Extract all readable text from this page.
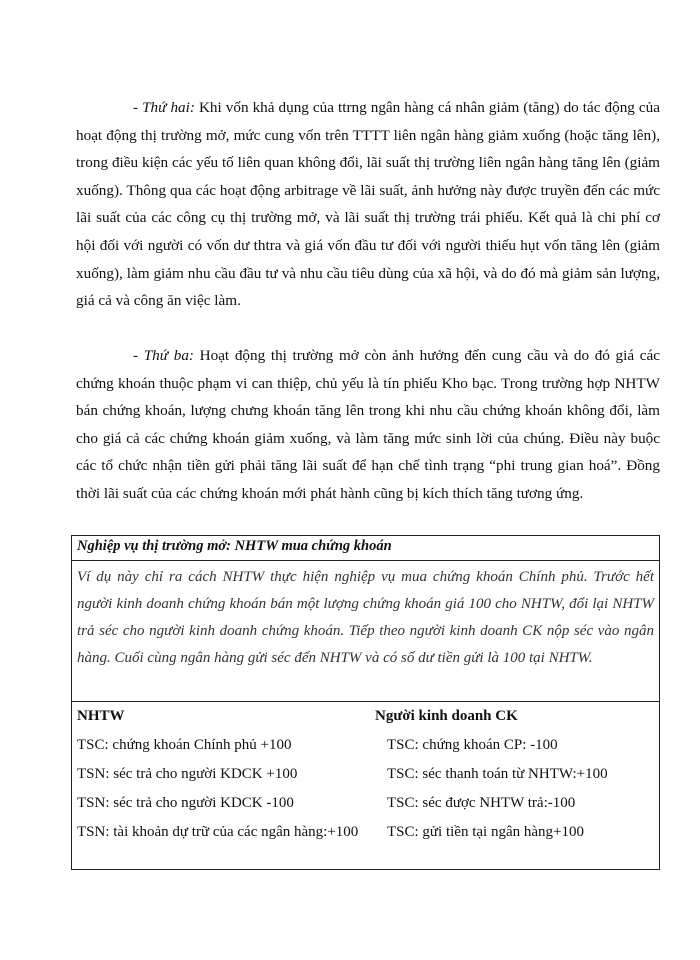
- Thứ hai: Khi vốn khả dụng của ttrng ngân hàng cá nhân giảm (tăng) do tác động của hoạt động thị trường mở, mức cung vốn trên TTTT liên ngân hàng giảm xuống (hoặc tăng lên), trong điều kiện các yếu tố liên quan không đổi, lãi suất thị trường liên ngân hàng tăng lên (giảm xuống). Thông qua các hoạt động arbitrage về lãi suất, ảnh hưởng này được truyền đến các mức lãi suất của các công cụ thị trường mở, và lãi suất thị trường trái phiếu. Kết quả là chi phí cơ hội đối với người có vốn dư thtra và giá vốn đầu tư đối với người thiếu hụt vốn tăng lên (giảm xuống), làm giảm nhu cầu đầu tư và nhu cầu tiêu dùng của xã hội, và do đó mà giảm sản lượng, giá cả và công ăn việc làm.

- Thứ ba: Hoạt động thị trường mở còn ảnh hưởng đến cung cầu và do đó giá các chứng khoán thuộc phạm vi can thiệp, chủ yếu là tín phiếu Kho bạc. Trong trường hợp NHTW bán chứng khoán, lượng chưng khoán tăng lên trong khi nhu cầu chứng khoán không đổi, làm cho giá cả các chứng khoán giảm xuống, và làm tăng mức sinh lời của chúng. Điều này buộc các tổ chức nhận tiền gửi phải tăng lãi suất để hạn chế tình trạng “phi trung gian hoá”. Đồng thời lãi suất của các chứng khoán mới phát hành cũng bị kích thích tăng tương ứng.

Nghiệp vụ thị trường mở: NHTW mua chứng khoán
Ví dụ này chỉ ra cách NHTW thực hiện nghiệp vụ mua chứng khoán Chính phủ. Trước hết người kinh doanh chứng khoán bán một lượng chứng khoán giá 100 cho NHTW, đổi lại NHTW trả séc cho người kinh doanh chứng khoán. Tiếp theo người kinh doanh CK nộp séc vào ngân hàng. Cuối cùng ngân hàng gửi séc đến NHTW và có số dư tiền gửi là 100 tại NHTW.
NHTW
TSC: chứng khoán Chính phủ +100
TSN: séc trả cho người KDCK +100
TSN: séc trả cho người KDCK -100
TSN: tài khoản dự trữ của các ngân hàng:+100
Người kinh doanh CK
TSC: chứng khoán CP: -100
TSC: séc thanh toán từ NHTW:+100
TSC: séc được NHTW trả:-100
TSC: gửi tiền tại ngân hàng+100
